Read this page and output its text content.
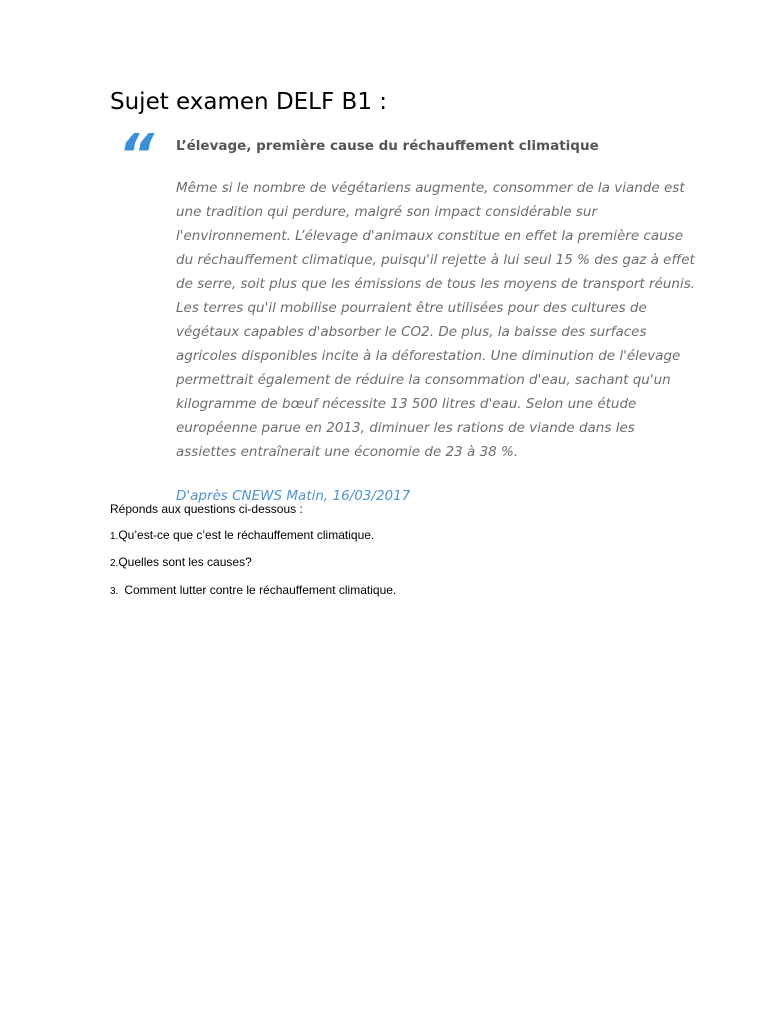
Sujet examen DELF B1 :
“ L’élevage, première cause du réchauffement climatique

Même si le nombre de végétariens augmente, consommer de la viande est une tradition qui perdure, malgré son impact considérable sur l'environnement. L’élevage d'animaux constitue en effet la première cause du réchauffement climatique, puisqu'il rejette à lui seul 15 % des gaz à effet de serre, soit plus que les émissions de tous les moyens de transport réunis. Les terres qu'il mobilise pourraient être utilisées pour des cultures de végétaux capables d'absorber le CO2. De plus, la baisse des surfaces agricoles disponibles incite à la déforestation. Une diminution de l'élevage permettrait également de réduire la consommation d'eau, sachant qu'un kilogramme de bœuf nécessite 13 500 litres d'eau. Selon une étude européenne parue en 2013, diminuer les rations de viande dans les assiettes entraînerait une économie de 23 à 38 %.

D'après CNEWS Matin, 16/03/2017

Réponds aux questions ci-dessous :

1.Qu’est-ce que c’est le réchauffement climatique.

2.Quelles sont les causes?

3. Comment lutter contre le réchauffement climatique.
